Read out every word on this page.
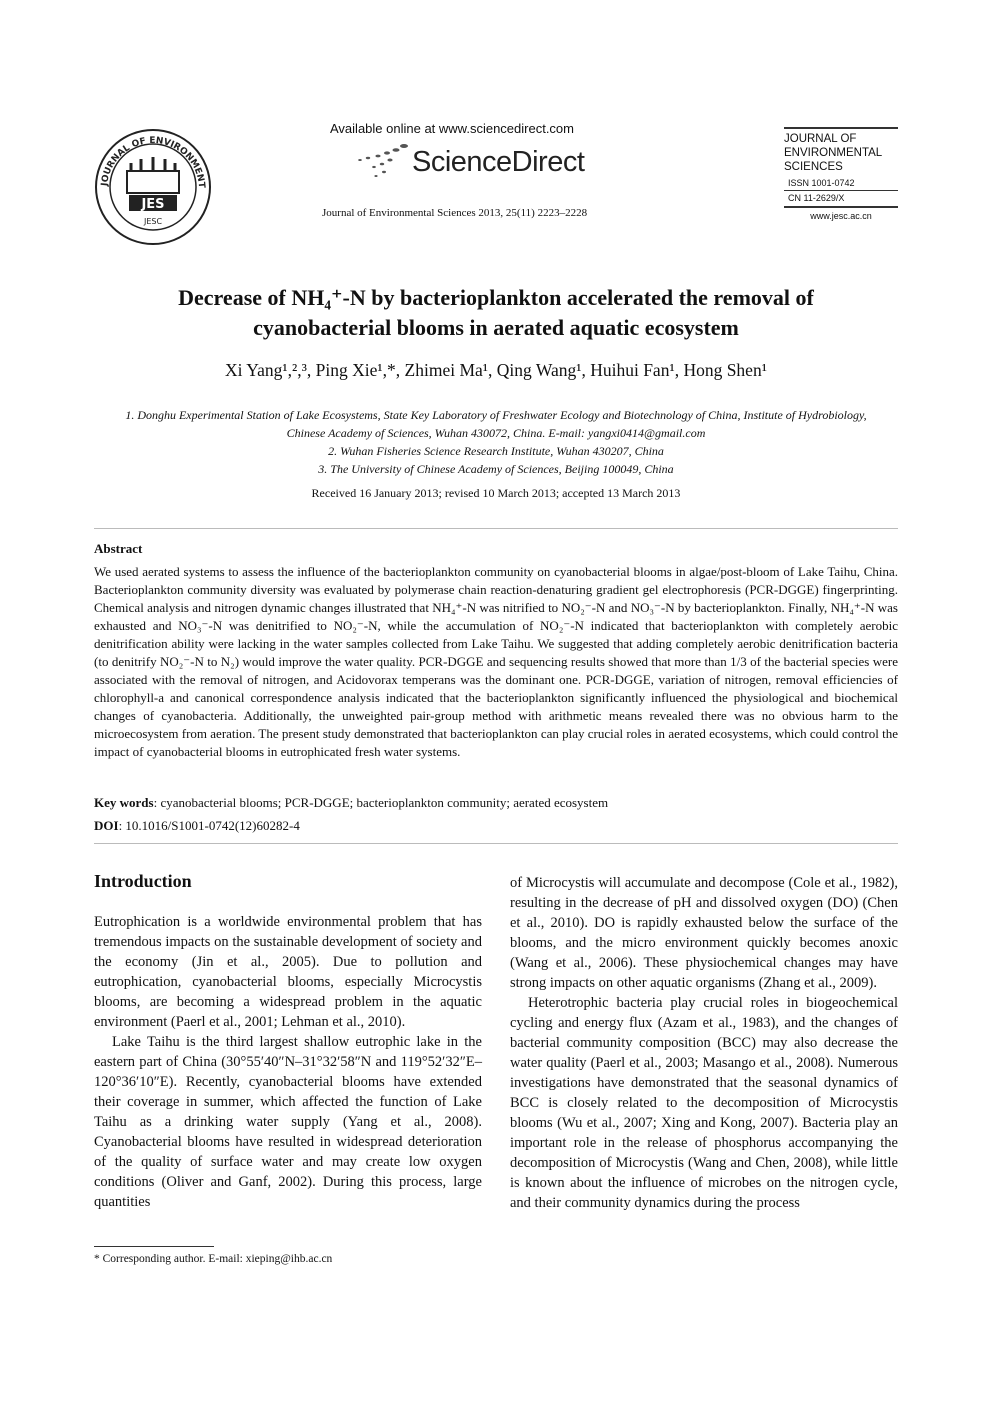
JOURNAL OF ENVIRONMENT
JES
JESC
Available online at www.sciencedirect.com
ScienceDirect
Journal of Environmental Sciences 2013, 25(11) 2223–2228
JOURNAL OF
ENVIRONMENTAL
SCIENCES
ISSN 1001-0742
CN 11-2629/X
www.jesc.ac.cn
Decrease of NH₄⁺-N by bacterioplankton accelerated the removal of
cyanobacterial blooms in aerated aquatic ecosystem
Xi Yang¹,²,³, Ping Xie¹,*, Zhimei Ma¹, Qing Wang¹, Huihui Fan¹, Hong Shen¹
1. Donghu Experimental Station of Lake Ecosystems, State Key Laboratory of Freshwater Ecology and Biotechnology of China, Institute of Hydrobiology, Chinese Academy of Sciences, Wuhan 430072, China. E-mail: yangxi0414@gmail.com
2. Wuhan Fisheries Science Research Institute, Wuhan 430207, China
3. The University of Chinese Academy of Sciences, Beijing 100049, China
Received 16 January 2013; revised 10 March 2013; accepted 13 March 2013
Abstract
We used aerated systems to assess the influence of the bacterioplankton community on cyanobacterial blooms in algae/post-bloom of Lake Taihu, China. Bacterioplankton community diversity was evaluated by polymerase chain reaction-denaturing gradient gel electrophoresis (PCR-DGGE) fingerprinting. Chemical analysis and nitrogen dynamic changes illustrated that NH₄⁺-N was nitrified to NO₂⁻-N and NO₃⁻-N by bacterioplankton. Finally, NH₄⁺-N was exhausted and NO₃⁻-N was denitrified to NO₂⁻-N, while the accumulation of NO₂⁻-N indicated that bacterioplankton with completely aerobic denitrification ability were lacking in the water samples collected from Lake Taihu. We suggested that adding completely aerobic denitrification bacteria (to denitrify NO₂⁻-N to N₂) would improve the water quality. PCR-DGGE and sequencing results showed that more than 1/3 of the bacterial species were associated with the removal of nitrogen, and Acidovorax temperans was the dominant one. PCR-DGGE, variation of nitrogen, removal efficiencies of chlorophyll-a and canonical correspondence analysis indicated that the bacterioplankton significantly influenced the physiological and biochemical changes of cyanobacteria. Additionally, the unweighted pair-group method with arithmetic means revealed there was no obvious harm to the microecosystem from aeration. The present study demonstrated that bacterioplankton can play crucial roles in aerated ecosystems, which could control the impact of cyanobacterial blooms in eutrophicated fresh water systems.
Key words: cyanobacterial blooms; PCR-DGGE; bacterioplankton community; aerated ecosystem
DOI: 10.1016/S1001-0742(12)60282-4
Introduction

Eutrophication is a worldwide environmental problem that has tremendous impacts on the sustainable development of society and the economy (Jin et al., 2005). Due to pollution and eutrophication, cyanobacterial blooms, especially Microcystis blooms, are becoming a widespread problem in the aquatic environment (Paerl et al., 2001; Lehman et al., 2010).

Lake Taihu is the third largest shallow eutrophic lake in the eastern part of China (30°55′40″N–31°32′58″N and 119°52′32″E–120°36′10″E). Recently, cyanobacterial blooms have extended their coverage in summer, which affected the function of Lake Taihu as a drinking water supply (Yang et al., 2008). Cyanobacterial blooms have resulted in widespread deterioration of the quality of surface water and may create low oxygen conditions (Oliver and Ganf, 2002). During this process, large quantities

of Microcystis will accumulate and decompose (Cole et al., 1982), resulting in the decrease of pH and dissolved oxygen (DO) (Chen et al., 2010). DO is rapidly exhausted below the surface of the blooms, and the micro environment quickly becomes anoxic (Wang et al., 2006). These physiochemical changes may have strong impacts on other aquatic organisms (Zhang et al., 2009).

Heterotrophic bacteria play crucial roles in biogeochemical cycling and energy flux (Azam et al., 1983), and the changes of bacterial community composition (BCC) may also decrease the water quality (Paerl et al., 2003; Masango et al., 2008). Numerous investigations have demonstrated that the seasonal dynamics of BCC is closely related to the decomposition of Microcystis blooms (Wu et al., 2007; Xing and Kong, 2007). Bacteria play an important role in the release of phosphorus accompanying the decomposition of Microcystis (Wang and Chen, 2008), while little is known about the influence of microbes on the nitrogen cycle, and their community dynamics during the process

* Corresponding author. E-mail: xieping@ihb.ac.cn
